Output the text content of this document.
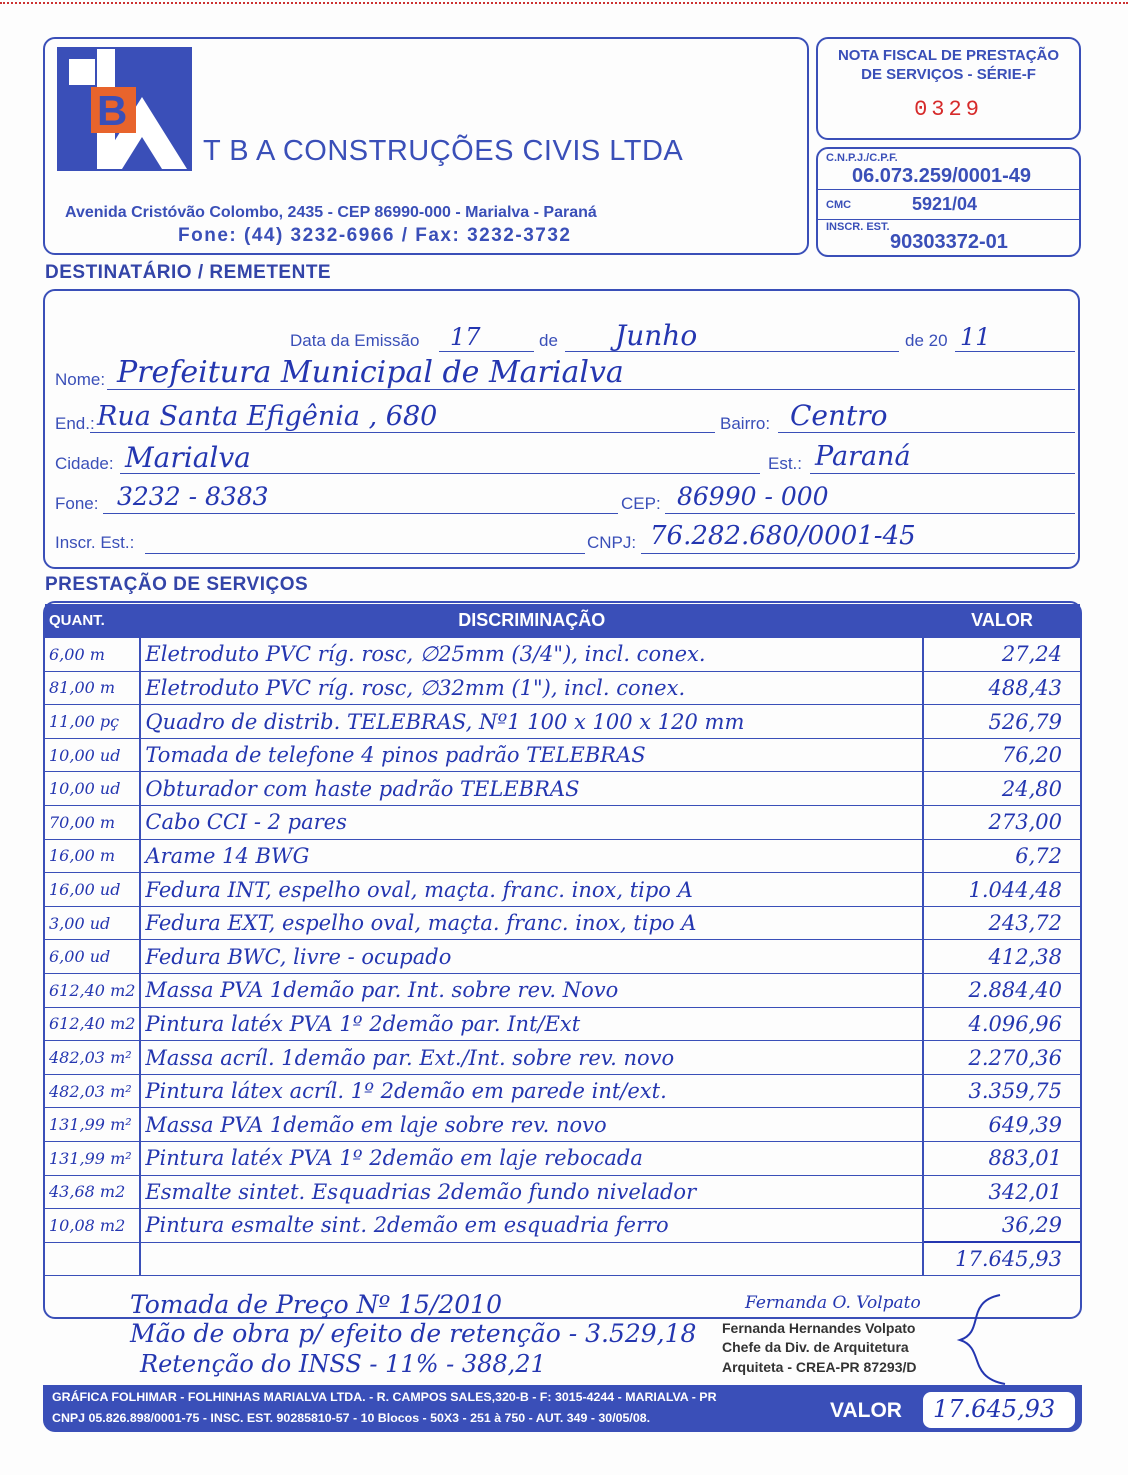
B
T B A CONSTRUÇÕES CIVIS LTDA
Avenida Cristóvão Colombo, 2435 - CEP 86990-000 - Marialva - Paraná
Fone: (44) 3232-6966 / Fax: 3232-3732
NOTA FISCAL DE PRESTAÇÃO
DE SERVIÇOS - SÉRIE-F
0329
C.N.P.J./C.P.F.
06.073.259/0001-49
CMC	5921/04
INSCR. EST.
90303372-01
DESTINATÁRIO / REMETENTE
Data da Emissão 17	de Junho	de 20 11
Nome: Prefeitura Municipal de Marialva
End.: Rua Santa Efigênia , 680	Bairro: Centro
Cidade: Marialva	Est.: Paraná
Fone: 3232 - 8383	CEP: 86990 - 000
Inscr. Est.:	CNPJ: 76.282.680/0001-45
PRESTAÇÃO DE SERVIÇOS
QUANT.	DISCRIMINAÇÃO	VALOR
6,00 m	Eletroduto PVC ríg. rosc, ∅25mm (3/4"), incl. conex.	27,24
81,00 m	Eletroduto PVC ríg. rosc, ∅32mm (1"), incl. conex.	488,43
11,00 pç	Quadro de distrib. TELEBRAS, Nº1 100 x 100 x 120 mm	526,79
10,00 ud	Tomada de telefone 4 pinos padrão TELEBRAS	76,20
10,00 ud	Obturador com haste padrão TELEBRAS	24,80
70,00 m	Cabo CCI - 2 pares	273,00
16,00 m	Arame 14 BWG	6,72
16,00 ud	Fedura INT, espelho oval, maçta. franc. inox, tipo A	1.044,48
3,00 ud	Fedura EXT, espelho oval, maçta. franc. inox, tipo A	243,72
6,00 ud	Fedura BWC, livre - ocupado	412,38
612,40 m2	Massa PVA 1demão par. Int. sobre rev. Novo	2.884,40
612,40 m2	Pintura latéx PVA 1º 2demão par. Int/Ext	4.096,96
482,03 m²	Massa acríl. 1demão par. Ext./Int. sobre rev. novo	2.270,36
482,03 m²	Pintura látex acríl. 1º 2demão em parede int/ext.	3.359,75
131,99 m²	Massa PVA 1demão em laje sobre rev. novo	649,39
131,99 m²	Pintura latéx PVA 1º 2demão em laje rebocada	883,01
43,68 m2	Esmalte sintet. Esquadrias 2demão fundo nivelador	342,01
10,08 m2	Pintura esmalte sint. 2demão em esquadria ferro	36,29
		17.645,93
Tomada de Preço Nº 15/2010
Mão de obra p/ efeito de retenção - 3.529,18
Retenção do INSS - 11% - 388,21
Fernanda O. Volpato
Fernanda Hernandes Volpato
Chefe da Div. de Arquitetura
Arquiteta - CREA-PR 87293/D
GRÁFICA FOLHIMAR - FOLHINHAS MARIALVA LTDA. - R. CAMPOS SALES,320-B - F: 3015-4244 - MARIALVA - PR
CNPJ 05.826.898/0001-75 - INSC. EST. 90285810-57 - 10 Blocos - 50X3 - 251 à 750 - AUT. 349 - 30/05/08.	VALOR 17.645,93
